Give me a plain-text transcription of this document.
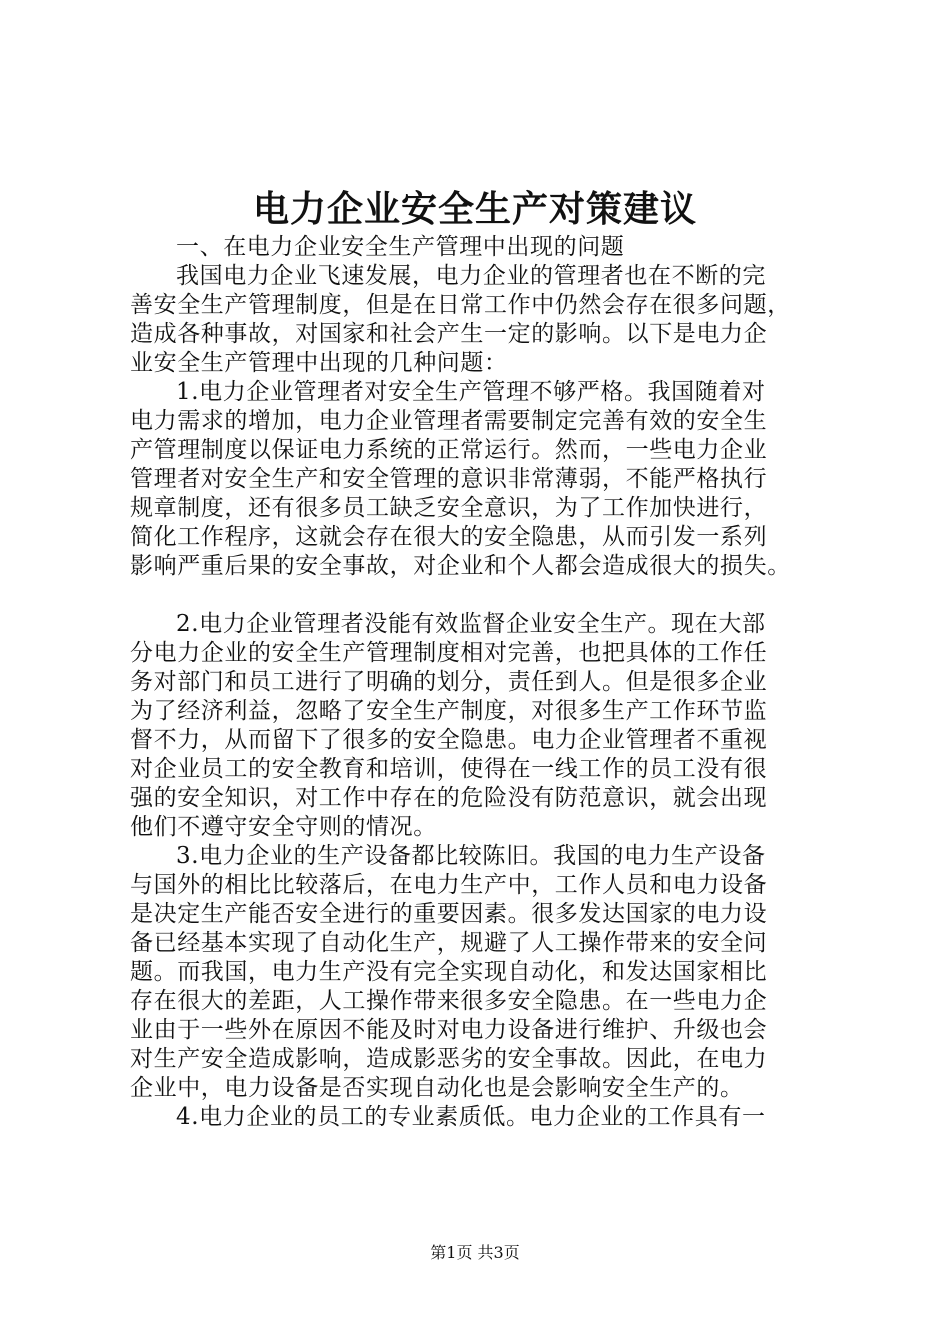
电力企业安全生产对策建议
一、在电力企业安全生产管理中出现的问题
我国电力企业飞速发展，电力企业的管理者也在不断的完
善安全生产管理制度，但是在日常工作中仍然会存在很多问题，
造成各种事故，对国家和社会产生一定的影响。以下是电力企
业安全生产管理中出现的几种问题：
1.电力企业管理者对安全生产管理不够严格。我国随着对
电力需求的增加，电力企业管理者需要制定完善有效的安全生
产管理制度以保证电力系统的正常运行。然而，一些电力企业
管理者对安全生产和安全管理的意识非常薄弱，不能严格执行
规章制度，还有很多员工缺乏安全意识，为了工作加快进行，
简化工作程序，这就会存在很大的安全隐患，从而引发一系列
影响严重后果的安全事故，对企业和个人都会造成很大的损失。
2.电力企业管理者没能有效监督企业安全生产。现在大部
分电力企业的安全生产管理制度相对完善，也把具体的工作任
务对部门和员工进行了明确的划分，责任到人。但是很多企业
为了经济利益，忽略了安全生产制度，对很多生产工作环节监
督不力，从而留下了很多的安全隐患。电力企业管理者不重视
对企业员工的安全教育和培训，使得在一线工作的员工没有很
强的安全知识，对工作中存在的危险没有防范意识，就会出现
他们不遵守安全守则的情况。
3.电力企业的生产设备都比较陈旧。我国的电力生产设备
与国外的相比比较落后，在电力生产中，工作人员和电力设备
是决定生产能否安全进行的重要因素。很多发达国家的电力设
备已经基本实现了自动化生产，规避了人工操作带来的安全问
题。而我国，电力生产没有完全实现自动化，和发达国家相比
存在很大的差距，人工操作带来很多安全隐患。在一些电力企
业由于一些外在原因不能及时对电力设备进行维护、升级也会
对生产安全造成影响，造成影恶劣的安全事故。因此，在电力
企业中，电力设备是否实现自动化也是会影响安全生产的。
4.电力企业的员工的专业素质低。电力企业的工作具有一
第1页 共3页
